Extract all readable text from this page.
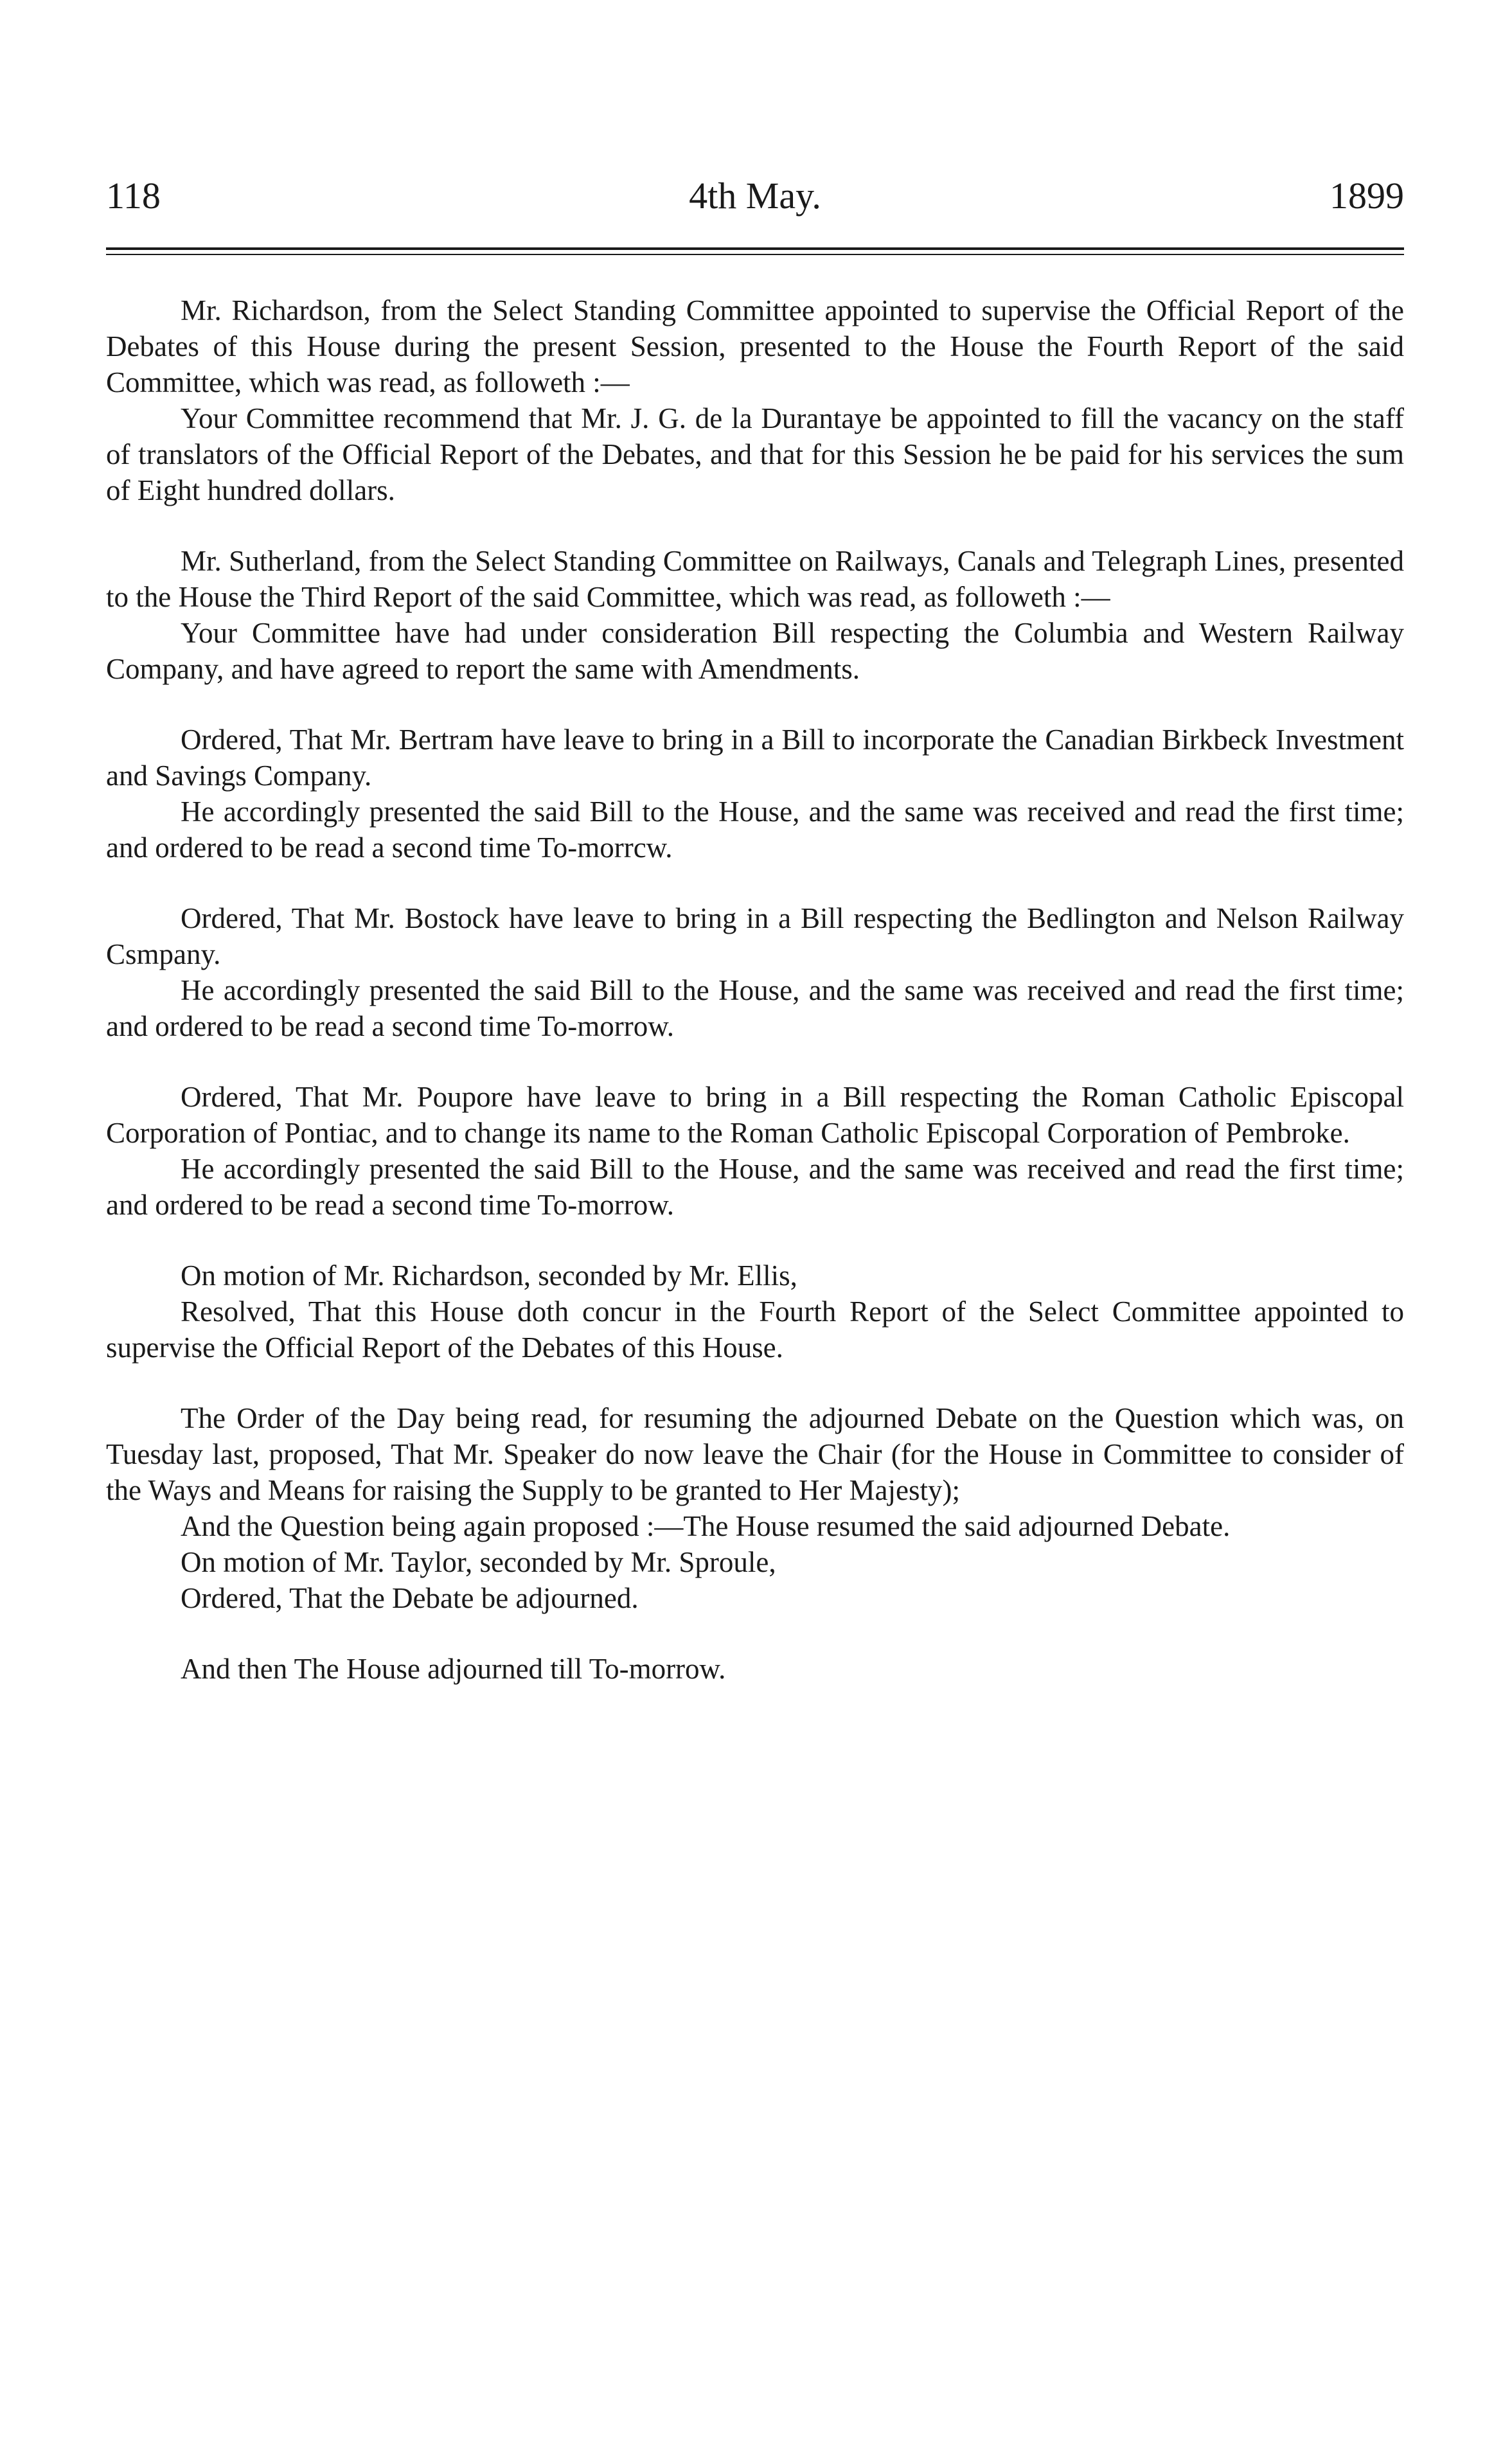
118	4th May.	1899

Mr. Richardson, from the Select Standing Committee appointed to supervise the Official Report of the Debates of this House during the present Session, presented to the House the Fourth Report of the said Committee, which was read, as followeth :—

Your Committee recommend that Mr. J. G. de la Durantaye be appointed to fill the vacancy on the staff of translators of the Official Report of the Debates, and that for this Session he be paid for his services the sum of Eight hundred dollars.

Mr. Sutherland, from the Select Standing Committee on Railways, Canals and Telegraph Lines, presented to the House the Third Report of the said Committee, which was read, as followeth :—

Your Committee have had under consideration Bill respecting the Columbia and Western Railway Company, and have agreed to report the same with Amendments.

Ordered, That Mr. Bertram have leave to bring in a Bill to incorporate the Canadian Birkbeck Investment and Savings Company.

He accordingly presented the said Bill to the House, and the same was received and read the first time; and ordered to be read a second time To-morrcw.

Ordered, That Mr. Bostock have leave to bring in a Bill respecting the Bedlington and Nelson Railway Csmpany.

He accordingly presented the said Bill to the House, and the same was received and read the first time; and ordered to be read a second time To-morrow.

Ordered, That Mr. Poupore have leave to bring in a Bill respecting the Roman Catholic Episcopal Corporation of Pontiac, and to change its name to the Roman Catholic Episcopal Corporation of Pembroke.

He accordingly presented the said Bill to the House, and the same was received and read the first time; and ordered to be read a second time To-morrow.

On motion of Mr. Richardson, seconded by Mr. Ellis,

Resolved, That this House doth concur in the Fourth Report of the Select Committee appointed to supervise the Official Report of the Debates of this House.

The Order of the Day being read, for resuming the adjourned Debate on the Question which was, on Tuesday last, proposed, That Mr. Speaker do now leave the Chair (for the House in Committee to consider of the Ways and Means for raising the Supply to be granted to Her Majesty);

And the Question being again proposed :—The House resumed the said adjourned Debate.

On motion of Mr. Taylor, seconded by Mr. Sproule,

Ordered, That the Debate be adjourned.

And then The House adjourned till To-morrow.
